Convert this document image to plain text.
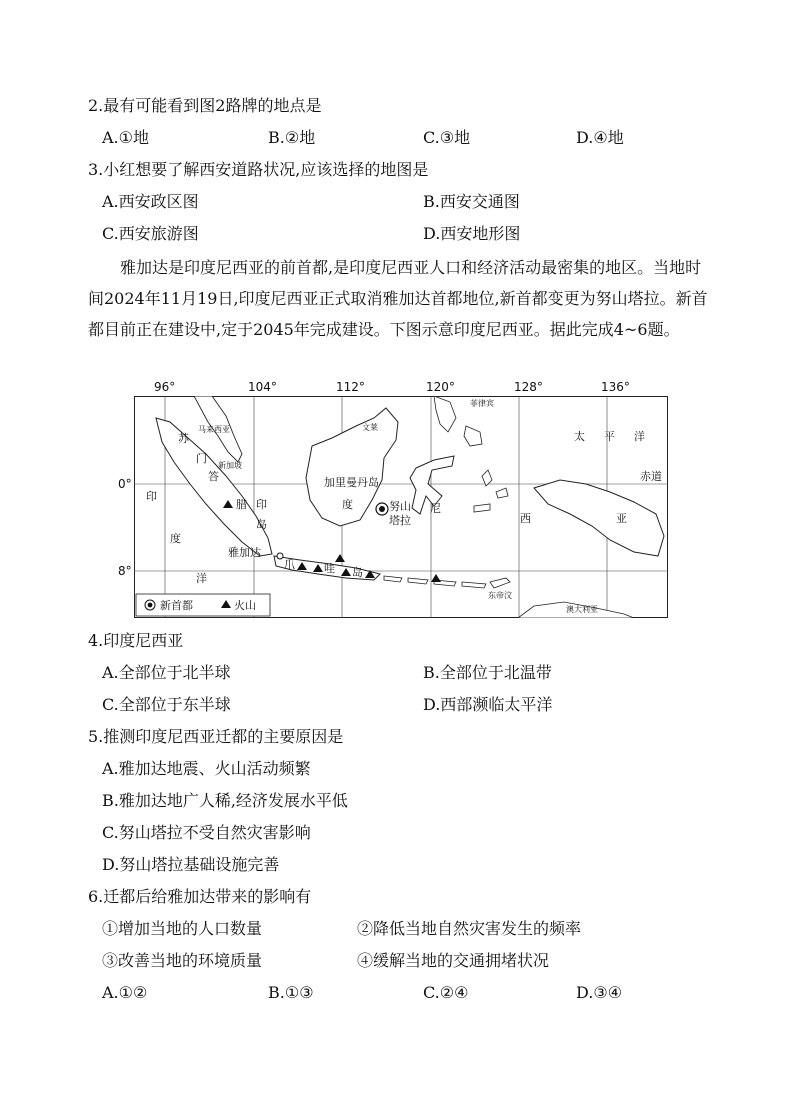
2.最有可能看到图2路牌的地点是
A.①地	B.②地	C.③地	D.④地
3.小红想要了解西安道路状况,应该选择的地图是
A.西安政区图	B.西安交通图
C.西安旅游图	D.西安地形图
雅加达是印度尼西亚的前首都,是印度尼西亚人口和经济活动最密集的地区。当地时间2024年11月19日,印度尼西亚正式取消雅加达首都地位,新首都变更为努山塔拉。新首都目前正在建设中,定于2045年完成建设。下图示意印度尼西亚。据此完成4~6题。
96°	104°	112°	120°	128°	136°
0°
8°
马来西亚	文莱
菲律宾
新加坡
东帝汶
澳大利亚
加里曼丹岛
努山
塔拉
雅加达
赤道
太 平 洋
印
度
洋
苏
门
答
腊 印	度	尼
西	亚
岛
爪	哇 岛
新首都	火山
4.印度尼西亚
A.全部位于北半球	B.全部位于北温带
C.全部位于东半球	D.西部濒临太平洋
5.推测印度尼西亚迁都的主要原因是
A.雅加达地震、火山活动频繁
B.雅加达地广人稀,经济发展水平低
C.努山塔拉不受自然灾害影响
D.努山塔拉基础设施完善
6.迁都后给雅加达带来的影响有
①增加当地的人口数量	②降低当地自然灾害发生的频率
③改善当地的环境质量	④缓解当地的交通拥堵状况
A.①②	B.①③	C.②④	D.③④
